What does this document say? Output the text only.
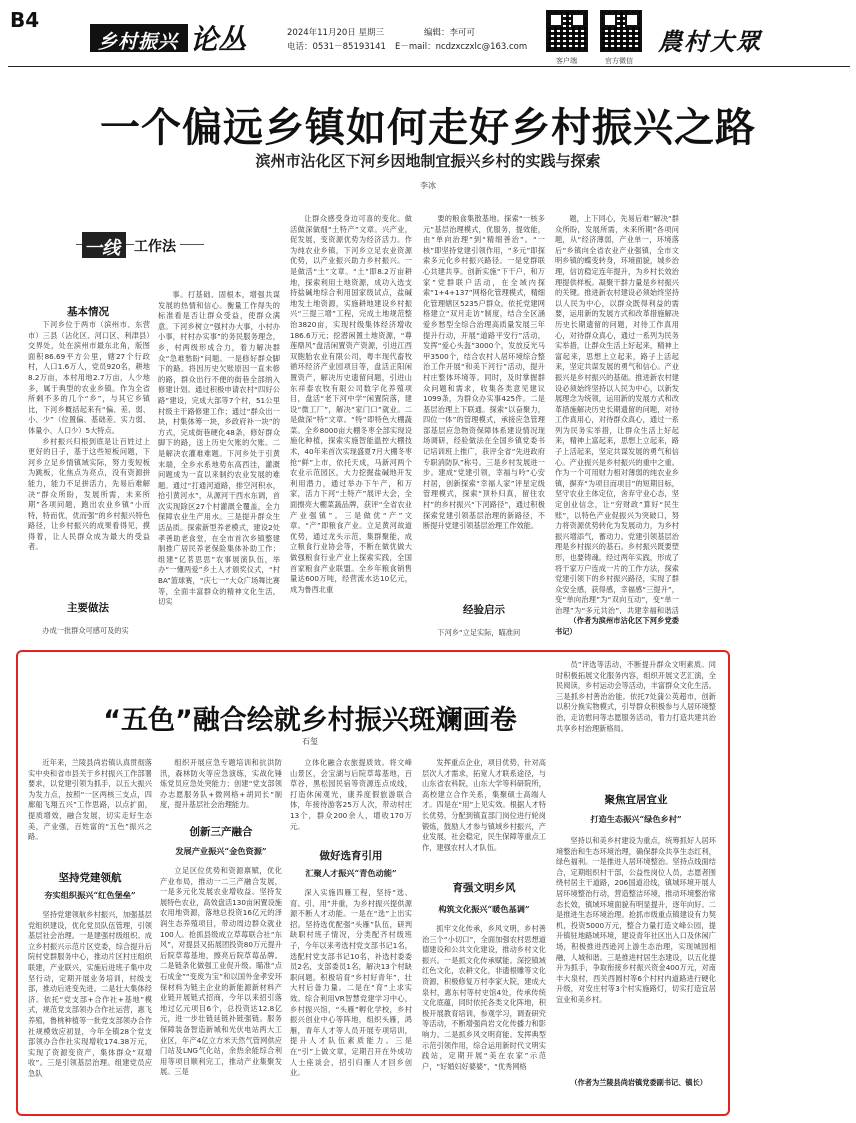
B4
乡村振兴 论丛	2024年11月20日 星期三	编辑：李可可
电话：0531－85193141 E－mail：ncdzxczxlc@163.com
客户端	官方微信
農村大眾
一个偏远乡镇如何走好乡村振兴之路
滨州市沾化区下河乡因地制宜振兴乡村的实践与探索
李冰
一线 工作法
基本情况

下河乡位于两市（滨州市、东营市）三县（沾化区、河口区、利津县）交界处，处在滨州市最东北角，版图面积86.69平方公里，辖27个行政村，人口1.6万人，党员920名，耕地8.2万亩，本村用地2.7万亩，人少地多，属于典型的农业乡镇。作为全省所剩不多的几个“乡”，与其它乡镇比，下河乡概括起来有“偏、差、弱、小、少”（位置偏、基础差、实力弱、体量小、人口少）5大特点。

乡村振兴归根到底是让百姓过上更好的日子，基于这些短板问题，下河乡立足乡情镇域实际，努力变短板为跳板，化焦点为亮点，没有资源拼能力，能力不足拼活力，先易后难解决“群众所盼，发展所需，未来所期”各项问题，跑出农业乡镇“小而特，特而优，优而强”的乡村振兴特色路径，让乡村振兴的成果看得见，摸得着，让人民群众成为最大的受益者。

主要做法

办成一批群众可感可及的实

事。打基础、固根本，增强共谋发展的热情和信心。衡量工作得失的标准看是否让群众受益，使群众满意。下河乡树立“强村办大事，小村办小事，村村办实事”的务民服务理念，乡，村两级形成合力，着力解决群众“急难愁盼”问题。一是修好群众脚下的路。将因历史欠账原因一直未修的路，群众出行不便的街巷全部纳入修建计划。通过积极申请农村“四好公路”建设，完成大部等7个村，51公里村级主干路修建工作；通过“群众出一块，村集体筹一块，乡政府补一块”的方式，完成街巷硬化48条，修好群众脚下的路，送上历史欠账的欠账。二是解决农灌难难题。下河乡处于引黄末端，全乡水系地势东高西洼，灌溉问题成为一直以来制约农业发展的难题。通过“打通河道路，排空河积水，拾引黄河水”，从源河干西水东调，首次实现除区27个村灌溉全覆盖，全力保障农业生产用水。三是提升群众生活品质。探索新型养老模式，建设2处孝善助老食堂，在全市首次乡镇整建制推广居民养老保险集体补助工作；组建“亿茗思思”农事展演队伍，举办“一懂两爱”乡土人才颁奖仪式，“村BA”篮球赛，“庆七一”大众广场舞比赛等，全面丰富群众的精神文化生活，切实

让群众感受身边可喜的变化。做活做深做细“土特产”文章。兴产业，促发展，变资源优势为经济活力。作为纯农业乡镇，下河乡立足农业资源优势，以产业振兴助力乡村振兴。一是做活“土”文章。“土”即8.2万亩耕地，探索利用土地资源，成功入选支持盐碱地综合利用国家级试点，盐碱地发土地资源，实施耕地建设乡村振兴“三提三增”工程，完成土地规范整治3820亩，实现村级集体经济增收186.6万元；挖潜闲置土地资源，“尊莲鼎风”盘活闲置资产资源，引进江西双胞胎农业有限公司，粤丰现代畜牧循环经济产业园项目等，盘活正阳闲置资产，解决历史遗留问题，引进山东祥泰农牧有限公司数字化养殖项目，盘活“老下河中学”闲置院落，建设“微工厂”，解决“家门口”就业。二是做深“特”文章。“特”即特色大棚蔬菜。全乡8000亩大棚冬枣全部实现设施化种植，探索实施智能温控大棚技术，40年来首次实现盛夏7月大棚冬枣抢“鲜”上市，依托天成，马新河两个农业示范园区，大力挖掘盐碱地开发利用潜力，通过举办下午产，和万家，活力下河“土特产”展评大会，全面擦亮大棚菜蔬品牌，获评“全省农业产业强镇”。三是做优“产”文章。“产”即粮食产业。立足黄河故道优势，通过龙头示范，集群聚能，成立粮食行业协会等，不断在做优做大做强粮食行业产业上探索实践，全国首家粮食产业联盟。全乡年粮食销售量达600万吨，经营流水达10亿元，成为鲁西北重

要的粮食集散基地。探索“一核多元”基层治理模式，优服务，提效能，由“单向治理”到“精细善治”。“一核”即坚持党建引领作用，“多元”即探索多元化乡村振兴路径。一是党群联心共建共享。创新实施“下干户，和万家”党群联户活动，在全域内探索“1+4+137”网格化管理模式，精细化管理辖区5235户群众。依托党建网格建立“双月走访”制度，结合全区涵爱乡愁型全综合治理高质量发展三年提升行动，开展“道路平安行”活动，发挥“爱心头盔”3000个，发放反光马甲3500个，结合农村人居环境综合整治工作开展“和美下河行”活动，提升村庄整体环境等。同时，及时掌握群众问题和需求，收集各类意见建议1099条，为群众办实事425件。二是基层治理上下联通。探索“以奋聚力，四位一体”的管理模式，承接应急管理部基层应急物资保障体系建设情况现场调研，经验做法在全国乡镇党委书记培训班上推广，获评全省“先进政府专职消防队”称号。三是乡村发展进一步。建成“党建引领，幸福与吟”心安村居，创新探索“幸福人家”评星定级管理模式，探索“顶朴归真，留住农村”的乡村振兴“下河路径”，通过积极探索党建引领基层治理的新路径，不断提升党建引领基层治理工作效能。

经验启示

下河乡“立足实际，瞄准问

题，上下同心，先易后难”解决“群众所盼，发展所需，未来所期”各项问题，从“经济薄弱，产业单一，环境落后”乡镇向全省农业产业强镇，全市文明乡镇的蝶变转身，环境面貌，城乡治理，信访稳定连年提升，为乡村长效治理提供样板。凝聚干群力量是乡村振兴的关键。推进新农村建设必须始终坚持以人民为中心，以群众既得利益的需要，运用新的发展方式和改革措施解决历史长期遗留的问题，对待工作真用心，对待群众真心，通过一系列为民务实举措，让群众生活上好起来，精神上富起来，思想上立起来，路子上活起来，坚定共谋发展的勇气和信心。产业振兴是乡村振兴的基础。推进新农村建设必须始终坚持以人民为中心，以新发展理念为统领，运用新的发展方式和改革措施解决历史长期遗留的问题，对待工作真用心，对待群众真心，通过一系列为民务实举措，让群众生活上好起来，精神上富起来，思想上立起来，路子上活起来，坚定共谋发展的勇气和信心。产业振兴是乡村振兴的重中之重。作为一个可用财力相对薄弱的纯农业乡镇，摒弃“为项目而项目”的短期目标，坚守农业主体定位，舍弃守业心态，坚定创业信念，让“穷财政”算好“民生账”，以特色产业促振兴为突破口，努力将资源优势转化为发展动力，为乡村振兴增添气，蓄动力。党建引领基层治理是乡村振兴的基石。乡村振兴既要塑形，也要铸魂。经过两年实践，形成了将干家万户连成一片的工作方法，探索党建引领下的乡村振兴路径，实现了群众安全感，获得感，幸福感“三提升”，变“单向治理”为“双向互动”，变“单一治理”为“多元共治”，共建幸福和谐活

（作者为滨州市沾化区下河乡党委书记）

“五色”融合绘就乡村振兴斑斓画卷
石玺

近年来，兰陵县尚岩镇认真贯彻落实中央和省市县关于乡村振兴工作部署要求，以党建引领为抓手，以五大振兴为发力点，按照“一区两核三支点，四廊船飞翔五兴”工作思路，以点扩面，提质增效，融合发展，切实走好生态美，产业强，百姓富的“五色”振兴之路。

坚持党建领航
夯实组织振兴“红色堡垒”

坚持党建领航乡村振兴，加强基层党组织建设，优化党员队伍管理，引领基层社会治理。一是建强村级组织。成立乡村振兴示范片区党委，综合提升后院村党群服务中心，推动片区村庄组织联建，产业联兴，实施后进班子集中攻坚行动，定期开展业务培训，村级支部，推动后进变先进。二是壮大集体经济。依托“党支部+合作社+基地”模式，规范党支部领办合作社运营，惠飞养殖，鲁桃种植等一批党支部领办合作社规模效应初显，今年全镇28个党支部领办合作社实现增收174.38万元，实现了资源变资产，集体群众“双增收”。三是引领基层治理。组建党员应急队

组织开展应急专题培训和抗洪防汛，森林防火等应急演练，实战化锤炼党员应急处突能力；创建“党支部领办志愿服务队+微网格+胡同长”制度，提升基层社会治理能力。

创新三产融合
发展产业振兴“金色资源”

立足区位优势和资源禀赋，优化产业布局，推动一二三产融合发展，一是多元化发展农业增收益。坚持发展特色农业，高效盘活130亩闲置设施农用地资源，落地总投资16亿元的泽润生态养殖项目，带动周边群众就业100人。抢抓县级成立草莓联合社“东风”，对提县又拓展团投资80万元提升后院草莓基地，擦亮后院草莓品牌。二是链条化做强工业促升级。瞄准“点石成金”“变废为宝”和以国外金孝安环保材料为链主企业的新能源新材料产业链开展链式招商，今年以来招引落地过亿元项目6个，总投资达12.8亿元，进一步壮链延链补链强链。服务保障装备智造新城和光伏电站两大工业区，年产4亿立方米天然气管网供应门站及LNG气化站，余热余能综合利用等项目顺利完工，推动产业集聚发展。三是

立体化融合农旅提质效。将文峰山景区，会宝湖与后院草莓基地，百草谷，黑松园民宿等资源连点成线，打造休闲观光，康养度假旅游联合体，年接待游客25万人次，带动村庄13个，群众200余人，增收170万元。

做好选育引用
汇聚人才振兴“青色动能”

深入实施四雁工程，坚持“选、育、引、用”并重，为乡村振兴提供源源不断人才动能。一是在“选”上出实招。坚持选优配强“头雁”队伍，研判缺职村班子情况，分类配齐村级班子，今年以来考选村党支部书记1名，选配村党支部书记10名，补选村委委员2名，支部委员1名，解决13个村缺职问题。积极培育“乡村好青年”，壮大村后备力量。二是在“育”上求实效。综合利用VR智慧党建学习中心，乡村振兴馆，“头雁”孵化学校，乡村振兴创业中心等阵地，组织头雁，鸿雁，青年人才等人员开展专项培训，提升人才队伍素质能力。三是在“引”上做文章，定期召开在外成功人士座谈会，招引归雁人才回乡创业。

发挥重点企业，项目优势，针对高层次人才需求，拓宽人才联系途径，与山东省农科院，山东大学等科研院所，高校建立合作关系，集聚硕士高端人才。四是在“用”上见实效。根据人才特长优势，分配到镇直部门岗位进行轮岗锻炼，鼓励人才参与镇域乡村振兴，产业发展，社会稳定，民生保障等重点工作，建强农村人才队伍。

育强文明乡风
构筑文化振兴“暖色基调”

抓牢文化传承，乡风文明，乡村善治三个“小切口”，全面加强农村思想道德建设和公共文化建设，推动乡村文化振兴。一是抓文化传承赋能。深挖镇域红色文化，农耕文化，非遗根雕等文化资源，积极修复万村李家大院，建成大泉村，惠东村等村史馆4处，传承传统文化底蕴，同时依托各类文化阵地，积极开展教育培训，参观学习，调查研究等活动，不断增强尚岩文化传播力和影响力。二是抓乡风文明育能。发挥典型示范引领作用，综合运用新时代文明实践站，定期开展“美在农家”示范户，“好婚妇好婆婆”，“优秀网格

员”评选等活动，不断提升群众文明素质。同时积极拓展文化服务内容，组织开展文艺汇演，全民阅读，乡村运动会等活动，丰富群众文化生活。三是抓乡村善治治能。依托7处蒲公英超市，创新以积分换实物模式，引导群众积极参与人居环境整治，走访慰问等志愿服务活动，着力打造共建共治共享乡村治理新格局。

聚焦宜居宜业
打造生态振兴“绿色乡村”

坚持以和美乡村建设为重点，统筹抓好人居环境整治和生态环境治理，确保群众共享生态红利，绿色福利。一是推进人居环境整治。坚持点线面结合，定期组织村干部，公益性岗位人员，志愿者围绕村居主干道路，206国道沿线，镇城环境开展人居环境整治行动，营造整洁环境，推动环境整治常态长效，镇域环境面貌有明显提升，逐年向好。二是推进生态环境治理。抢抓市级重点镇建设有力契机，投资5000万元，整合力量打造文峰公园，提升镇驻地路域环境，建设青年社区出入口及休闲广场，积极推进西逊河上游生态治理，实现城园相融，人城和谐。三是推进村居生态建设，以五化提升为抓手，争取衔接乡村振兴资金400万元，对南丰大泉村，西关西圆村等6个村村内道路进行硬化升级，对安庄村等3个村实施路灯，切实打造宜居宜业和美乡村。

（作者为兰陵县尚岩镇党委副书记、镇长）
